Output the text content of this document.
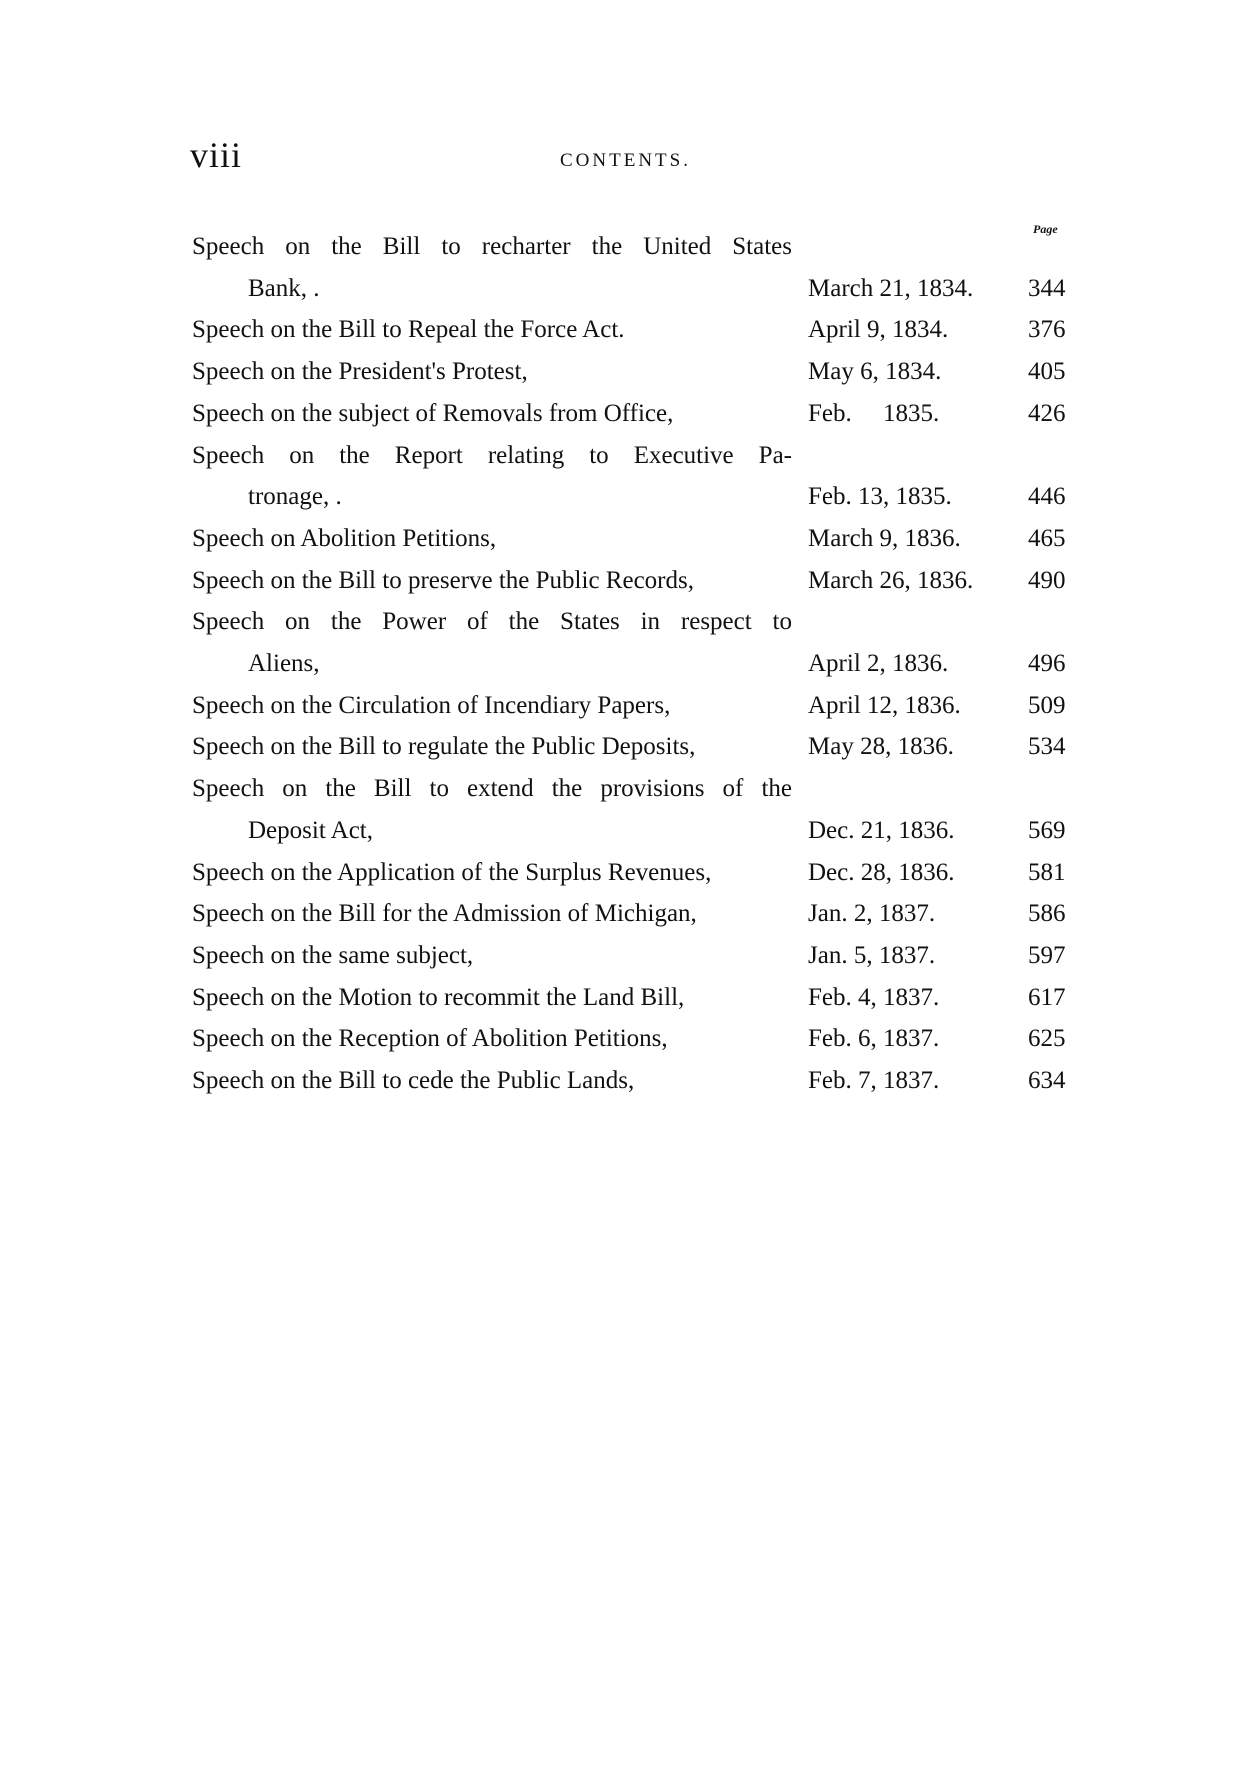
viii	CONTENTS.
Page
Speech on the Bill to recharter the United States
Bank, .	March 21, 1834. 344
Speech on the Bill to Repeal the Force Act.	April 9, 1834.	376
Speech on the President's Protest,	May 6, 1834.	405
Speech on the subject of Removals from Office,	Feb.     1835.	426
Speech on the Report relating to Executive Pa-
tronage, .	Feb. 13, 1835.	446
Speech on Abolition Petitions,	March 9, 1836.	465
Speech on the Bill to preserve the Public Records,	March 26, 1836. 490
Speech on the Power of the States in respect to
Aliens,	April 2, 1836.	496
Speech on the Circulation of Incendiary Papers,	April 12, 1836.	509
Speech on the Bill to regulate the Public Deposits,	May 28, 1836.	534
Speech on the Bill to extend the provisions of the
Deposit Act,	Dec. 21, 1836.	569
Speech on the Application of the Surplus Revenues,	Dec. 28, 1836.	581
Speech on the Bill for the Admission of Michigan,	Jan. 2, 1837.	586
Speech on the same subject,	Jan. 5, 1837.	597
Speech on the Motion to recommit the Land Bill,	Feb. 4, 1837.	617
Speech on the Reception of Abolition Petitions,	Feb. 6, 1837.	625
Speech on the Bill to cede the Public Lands,	Feb. 7, 1837.	634
